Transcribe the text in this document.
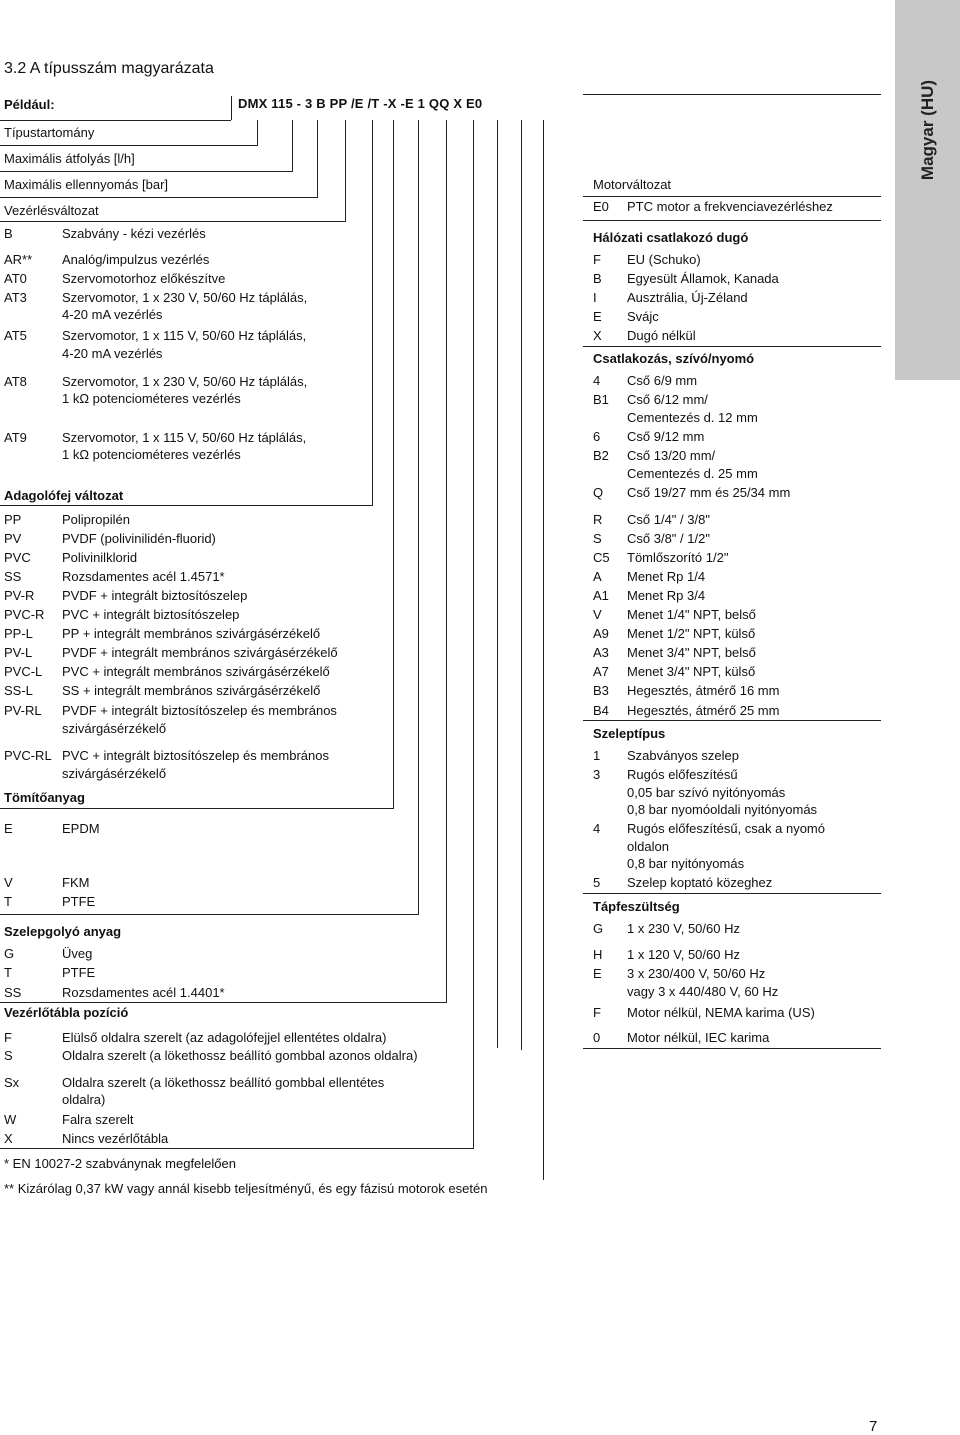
Magyar (HU)
3.2 A típusszám magyarázata
Például:	DMX 115 - 3 B PP /E /T -X -E 1 QQ X E0
Típustartomány
Maximális átfolyás [l/h]
Maximális ellennyomás [bar]
Vezérlésváltozat
B	Szabvány - kézi vezérlés
AR** Analóg/impulzus vezérlés
AT0	Szervomotorhoz előkészítve
AT3	Szervomotor, 1 x 230 V, 50/60 Hz táplálás,
4-20 mA vezérlés
AT5	Szervomotor, 1 x 115 V, 50/60 Hz táplálás,
4-20 mA vezérlés
AT8	Szervomotor, 1 x 230 V, 50/60 Hz táplálás,
1 kΩ potenciométeres vezérlés
AT9	Szervomotor, 1 x 115 V, 50/60 Hz táplálás,
1 kΩ potenciométeres vezérlés
Adagolófej változat
PP	Polipropilén
PV	PVDF (polivinilidén-fluorid)
PVC Polivinilklorid
SS	Rozsdamentes acél 1.4571*
PV-R PVDF + integrált biztosítószelep
PVC-R PVC + integrált biztosítószelep
PP-L PP + integrált membrános szivárgásérzékelő
PV-L PVDF + integrált membrános szivárgásérzékelő
PVC-L PVC + integrált membrános szivárgásérzékelő
SS-L SS + integrált membrános szivárgásérzékelő
PV-RL PVDF + integrált biztosítószelep és membrános
szivárgásérzékelő
PVC-RL PVC + integrált biztosítószelep és membrános
szivárgásérzékelő
Tömítőanyag
E	EPDM
V	FKM
T	PTFE
Szelepgolyó anyag
G	Üveg
T	PTFE
SS	Rozsdamentes acél 1.4401*
Vezérlőtábla pozíció
F	Elülső oldalra szerelt (az adagolófejjel ellentétes oldalra)
S	Oldalra szerelt (a lökethossz beállító gombbal azonos oldalra)
Sx	Oldalra szerelt (a lökethossz beállító gombbal ellentétes
oldalra)
W	Falra szerelt
X	Nincs vezérlőtábla
* EN 10027-2 szabványnak megfelelően
** Kizárólag 0,37 kW vagy annál kisebb teljesítményű, és egy fázisú motorok esetén
Motorváltozat
E0 PTC motor a frekvenciavezérléshez
Hálózati csatlakozó dugó
F EU (Schuko)
B Egyesült Államok, Kanada
I Ausztrália, Új-Zéland
E Svájc
X Dugó nélkül
Csatlakozás, szívó/nyomó
4 Cső 6/9 mm
B1 Cső 6/12 mm/
Cementezés d. 12 mm
6 Cső 9/12 mm
B2 Cső 13/20 mm/
Cementezés d. 25 mm
Q Cső 19/27 mm és 25/34 mm
R Cső 1/4" / 3/8"
S Cső 3/8" / 1/2"
C5 Tömlőszorító 1/2"
A Menet Rp 1/4
A1 Menet Rp 3/4
V Menet 1/4" NPT, belső
A9 Menet 1/2" NPT, külső
A3 Menet 3/4" NPT, belső
A7 Menet 3/4" NPT, külső
B3 Hegesztés, átmérő 16 mm
B4 Hegesztés, átmérő 25 mm
Szeleptípus
1 Szabványos szelep
3 Rugós előfeszítésű
0,05 bar szívó nyitónyomás
0,8 bar nyomóoldali nyitónyomás
4 Rugós előfeszítésű, csak a nyomó
oldalon
0,8 bar nyitónyomás
5 Szelep koptató közeghez
Tápfeszültség
G 1 x 230 V, 50/60 Hz
H 1 x 120 V, 50/60 Hz
E 3 x 230/400 V, 50/60 Hz
vagy 3 x 440/480 V, 60 Hz
F Motor nélkül, NEMA karima (US)
0 Motor nélkül, IEC karima
7
